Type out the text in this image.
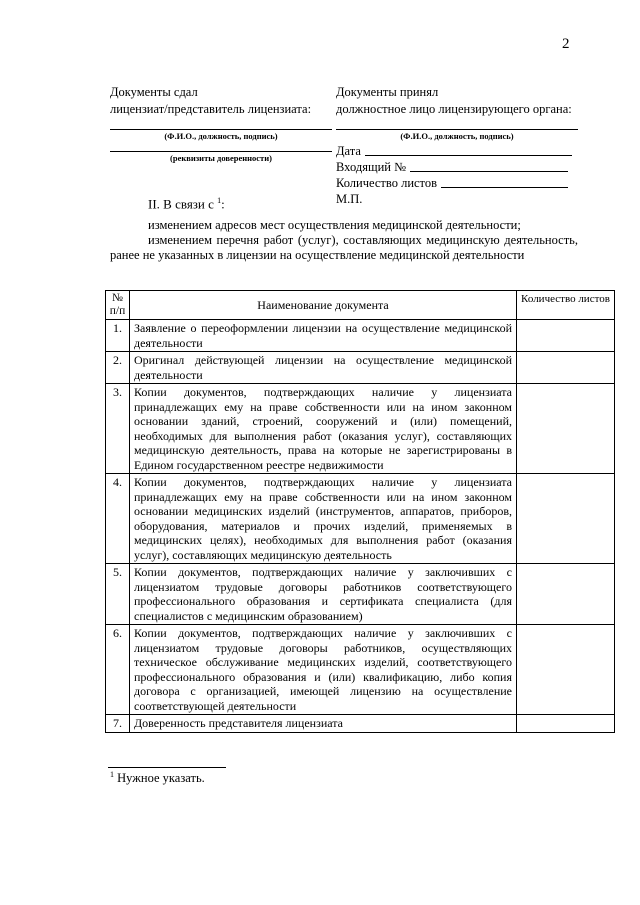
2
Документы сдал
лицензиат/представитель лицензиата:
(Ф.И.О., должность, подпись)
(реквизиты доверенности)
Документы принял
должностное лицо лицензирующего органа:
(Ф.И.О., должность, подпись)
Дата
Входящий №
Количество листов
М.П.
II. В связи с $^1$:
изменением адресов мест осуществления медицинской деятельности;
изменением перечня работ (услуг), составляющих медицинскую деятельность, ранее не указанных в лицензии на осуществление медицинской деятельности
№ п/п	Наименование документа	Количество листов
1.	Заявление о переоформлении лицензии на осуществление медицинской деятельности	
2.	Оригинал действующей лицензии на осуществление медицинской деятельности	
3.	Копии документов, подтверждающих наличие у лицензиата принадлежащих ему на праве собственности или на ином законном основании зданий, строений, сооружений и (или) помещений, необходимых для выполнения работ (оказания услуг), составляющих медицинскую деятельность, права на которые не зарегистрированы в Едином государственном реестре недвижимости	
4.	Копии документов, подтверждающих наличие у лицензиата принадлежащих ему на праве собственности или на ином законном основании медицинских изделий (инструментов, аппаратов, приборов, оборудования, материалов и прочих изделий, применяемых в медицинских целях), необходимых для выполнения работ (оказания услуг), составляющих медицинскую деятельность	
5.	Копии документов, подтверждающих наличие у заключивших с лицензиатом трудовые договоры работников соответствующего профессионального образования и сертификата специалиста (для специалистов с медицинским образованием)	
6.	Копии документов, подтверждающих наличие у заключивших с лицензиатом трудовые договоры работников, осуществляющих техническое обслуживание медицинских изделий, соответствующего профессионального образования и (или) квалификацию, либо копия договора с организацией, имеющей лицензию на осуществление соответствующей деятельности	
7.	Доверенность представителя лицензиата	
$^1$ Нужное указать.
